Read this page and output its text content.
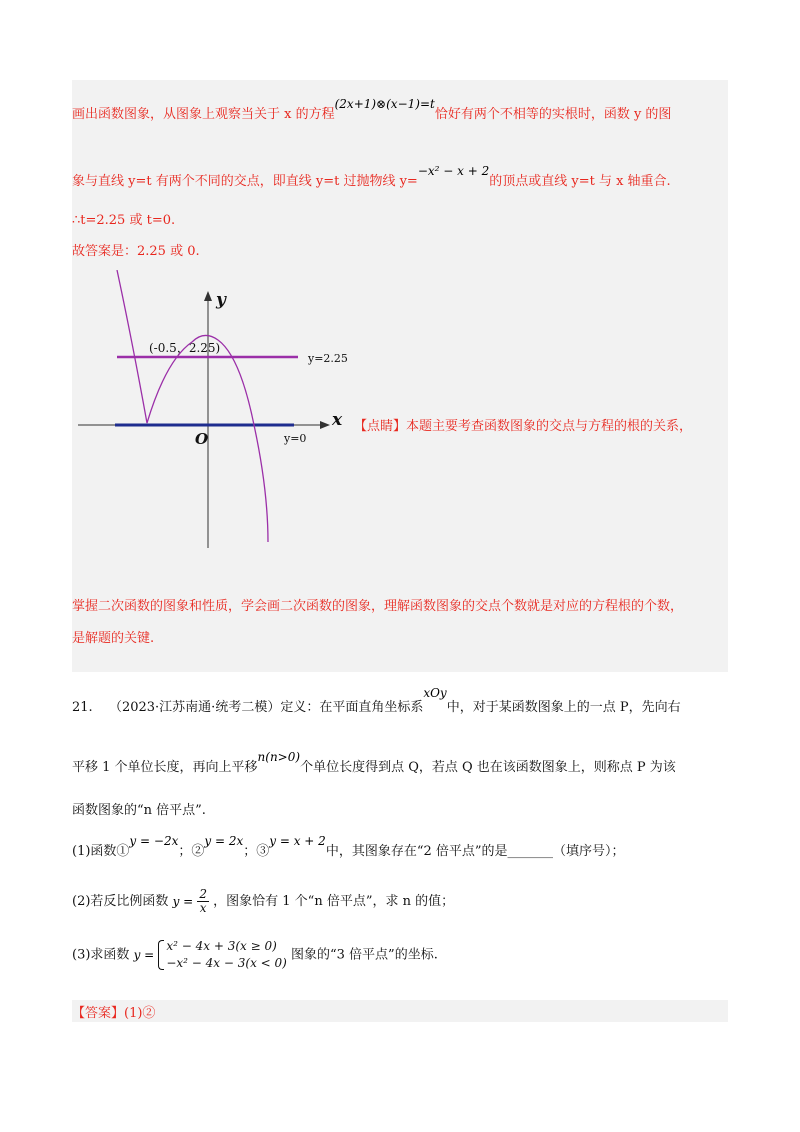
画出函数图象，从图象上观察当关于 x 的方程(2x+1)⊗(x−1)=t恰好有两个不相等的实根时，函数 y 的图
象与直线 y=t 有两个不同的交点，即直线 y=t 过抛物线 y=−x² − x + 2的顶点或直线 y=t 与 x 轴重合.
∴t=2.25 或 t=0.
故答案是：2.25 或 0.
y
x
O
y=2.25
y=0
(-0.5，2.25)
【点睛】本题主要考查函数图象的交点与方程的根的关系，
掌握二次函数的图象和性质，学会画二次函数的图象，理解函数图象的交点个数就是对应的方程根的个数，
是解题的关键.
21. （2023·江苏南通·统考二模）定义：在平面直角坐标系xOy中，对于某函数图象上的一点 P，先向右
平移 1 个单位长度，再向上平移n(n>0)个单位长度得到点 Q，若点 Q 也在该函数图象上，则称点 P 为该
函数图象的“n 倍平点”.
(1)函数①y = −2x；②y = 2x；③y = x + 2中，其图象存在“2 倍平点”的是_______（填序号）；
(2)若反比例函数 $y = \frac{2}{x}$ ，图象恰有 1 个“n 倍平点”，求 n 的值；
(3)求函数 y =
x² − 4x + 3(x ≥ 0)
−x² − 4x − 3(x < 0)
图象的“3 倍平点”的坐标.
【答案】(1)②
